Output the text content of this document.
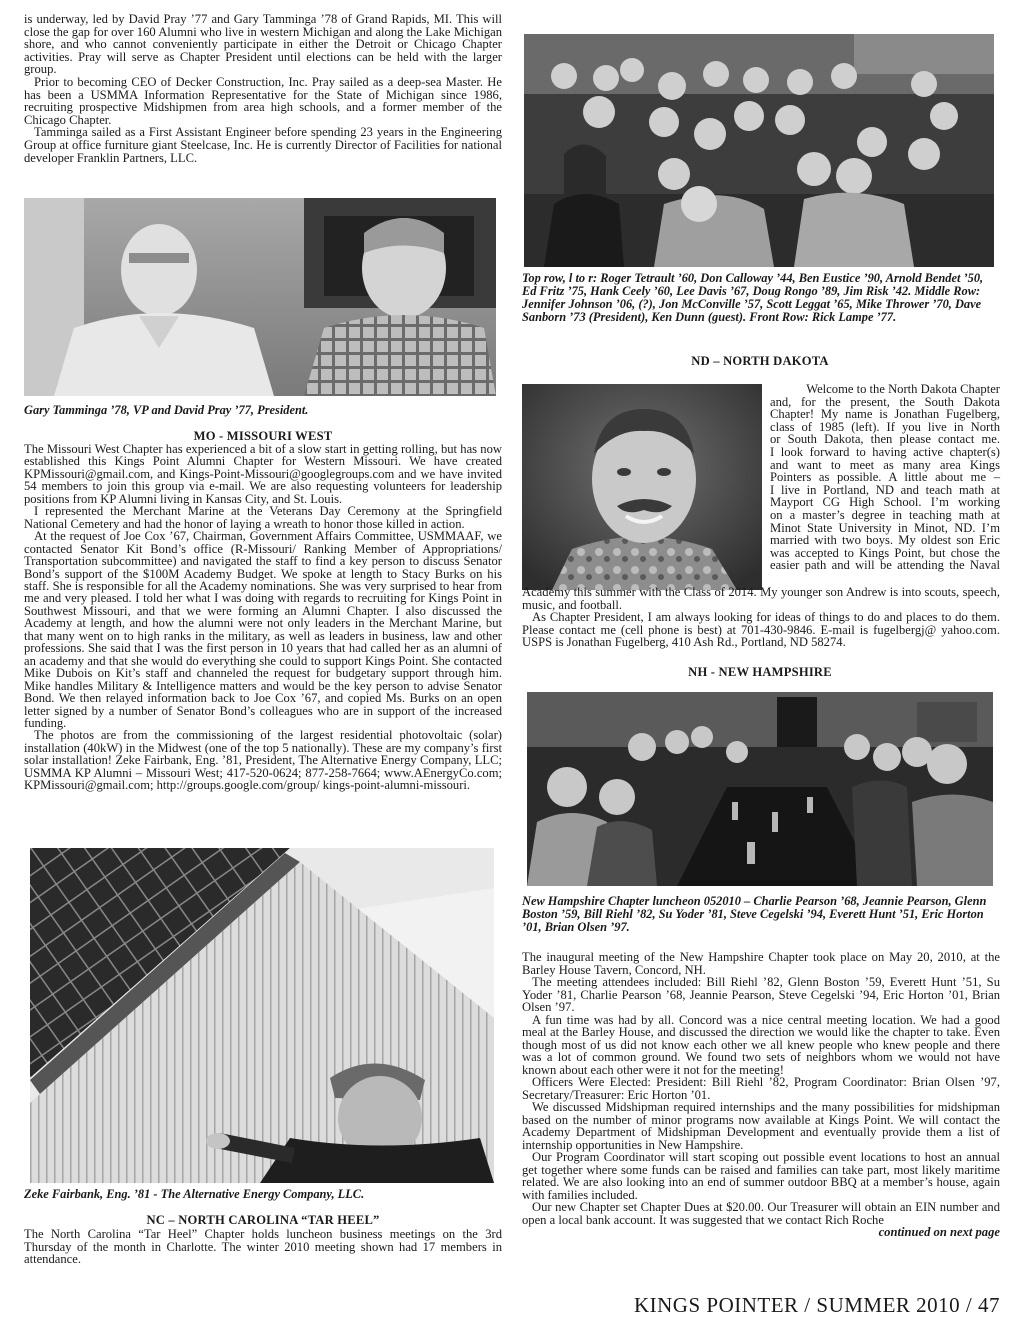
is underway, led by David Pray ’77 and Gary Tamminga ’78 of Grand Rapids, MI. This will close the gap for over 160 Alumni who live in western Michigan and along the Lake Michigan shore, and who cannot conveniently participate in either the Detroit or Chicago Chapter activities. Pray will serve as Chapter President until elections can be held with the larger group.

Prior to becoming CEO of Decker Construction, Inc. Pray sailed as a deep-sea Master. He has been a USMMA Information Representative for the State of Michigan since 1986, recruiting prospective Midshipmen from area high schools, and a former member of the Chicago Chapter.

Tamminga sailed as a First Assistant Engineer before spending 23 years in the Engineering Group at office furniture giant Steelcase, Inc. He is currently Director of Facilities for national developer Franklin Partners, LLC.

Gary Tamminga ’78, VP and David Pray ’77, President.
MO - MISSOURI WEST

The Missouri West Chapter has experienced a bit of a slow start in getting rolling, but has now established this Kings Point Alumni Chapter for Western Missouri. We have created KPMissouri@gmail.com, and Kings-Point-Missouri@googlegroups.com and we have invited 54 members to join this group via e-mail. We are also requesting volunteers for leadership positions from KP Alumni living in Kansas City, and St. Louis.

I represented the Merchant Marine at the Veterans Day Ceremony at the Springfield National Cemetery and had the honor of laying a wreath to honor those killed in action.

At the request of Joe Cox ’67, Chairman, Government Affairs Committee, USMMAAF, we contacted Senator Kit Bond’s office (R-Missouri/ Ranking Member of Appropriations/ Transportation subcommittee) and navigated the staff to find a key person to discuss Senator Bond’s support of the $100M Academy Budget. We spoke at length to Stacy Burks on his staff. She is responsible for all the Academy nominations. She was very surprised to hear from me and very pleased. I told her what I was doing with regards to recruiting for Kings Point in Southwest Missouri, and that we were forming an Alumni Chapter. I also discussed the Academy at length, and how the alumni were not only leaders in the Merchant Marine, but that many went on to high ranks in the military, as well as leaders in business, law and other professions. She said that I was the first person in 10 years that had called her as an alumni of an academy and that she would do everything she could to support Kings Point. She contacted Mike Dubois on Kit’s staff and channeled the request for budgetary support through him. Mike handles Military & Intelligence matters and would be the key person to advise Senator Bond. We then relayed information back to Joe Cox ’67, and copied Ms. Burks on an open letter signed by a number of Senator Bond’s colleagues who are in support of the increased funding.

The photos are from the commissioning of the largest residential photovoltaic (solar) installation (40kW) in the Midwest (one of the top 5 nationally). These are my company’s first solar installation! Zeke Fairbank, Eng. ’81, President, The Alternative Energy Company, LLC; USMMA KP Alumni – Missouri West; 417-520-0624; 877-258-7664; www.AEnergyCo.com; KPMissouri@gmail.com; http://groups.google.com/group/ kings-point-alumni-missouri.

Zeke Fairbank, Eng. ’81 - The Alternative Energy Company, LLC.
NC – NORTH CAROLINA “TAR HEEL”
The North Carolina “Tar Heel” Chapter holds luncheon business meetings on the 3rd Thursday of the month in Charlotte. The winter 2010 meeting shown had 17 members in attendance.
Top row, l to r: Roger Tetrault ’60, Don Calloway ’44, Ben Eustice ’90, Arnold Bendet ’50, Ed Fritz ’75, Hank Ceely ’60, Lee Davis ’67, Doug Rongo ’89, Jim Risk ’42. Middle Row: Jennifer Johnson ’06, (?), Jon McConville ’57, Scott Leggat ’65, Mike Thrower ’70, Dave Sanborn ’73 (President), Ken Dunn (guest). Front Row: Rick Lampe ’77.
ND – NORTH DAKOTA
Welcome to the North Dakota Chapter
and, for the present, the South Dakota
Chapter! My name is Jonathan Fugelberg,
class of 1985 (left). If you live in North
or South Dakota, then please contact me.
I look forward to having active chapter(s)
and want to meet as many area Kings
Pointers as possible. A little about me –
I live in Portland, ND and teach math at
Mayport CG High School. I’m working
on a master’s degree in teaching math at
Minot State University in Minot, ND. I’m
married with two boys. My oldest son Eric
was accepted to Kings Point, but chose the
easier path and will be attending the Naval

Academy this summer with the Class of 2014. My younger son Andrew is into scouts, speech, music, and football.

As Chapter President, I am always looking for ideas of things to do and places to do them. Please contact me (cell phone is best) at 701-430-9846. E-mail is fugelbergj@ yahoo.com. USPS is Jonathan Fugelberg, 410 Ash Rd., Portland, ND 58274.

NH - NEW HAMPSHIRE
New Hampshire Chapter luncheon 052010 – Charlie Pearson ’68, Jeannie Pearson, Glenn Boston ’59, Bill Riehl ’82, Su Yoder ’81, Steve Cegelski ’94, Everett Hunt ’51, Eric Horton ’01, Brian Olsen ’97.

The inaugural meeting of the New Hampshire Chapter took place on May 20, 2010, at the Barley House Tavern, Concord, NH.

The meeting attendees included: Bill Riehl ’82, Glenn Boston ’59, Everett Hunt ’51, Su Yoder ’81, Charlie Pearson ’68, Jeannie Pearson, Steve Cegelski ’94, Eric Horton ’01, Brian Olsen ’97.

A fun time was had by all. Concord was a nice central meeting location. We had a good meal at the Barley House, and discussed the direction we would like the chapter to take. Even though most of us did not know each other we all knew people who knew people and there was a lot of common ground. We found two sets of neighbors whom we would not have known about each other were it not for the meeting!

Officers Were Elected: President: Bill Riehl ’82, Program Coordinator: Brian Olsen ’97, Secretary/Treasurer: Eric Horton ’01.

We discussed Midshipman required internships and the many possibilities for midshipman based on the number of minor programs now available at Kings Point. We will contact the Academy Department of Midshipman Development and eventually provide them a list of internship opportunities in New Hampshire.

Our Program Coordinator will start scoping out possible event locations to host an annual get together where some funds can be raised and families can take part, most likely maritime related. We are also looking into an end of summer outdoor BBQ at a member’s house, again with families included.

Our new Chapter set Chapter Dues at $20.00. Our Treasurer will obtain an EIN number and open a local bank account. It was suggested that we contact Rich Roche

continued on next page

KINGS POINTER / SUMMER 2010 / 47
